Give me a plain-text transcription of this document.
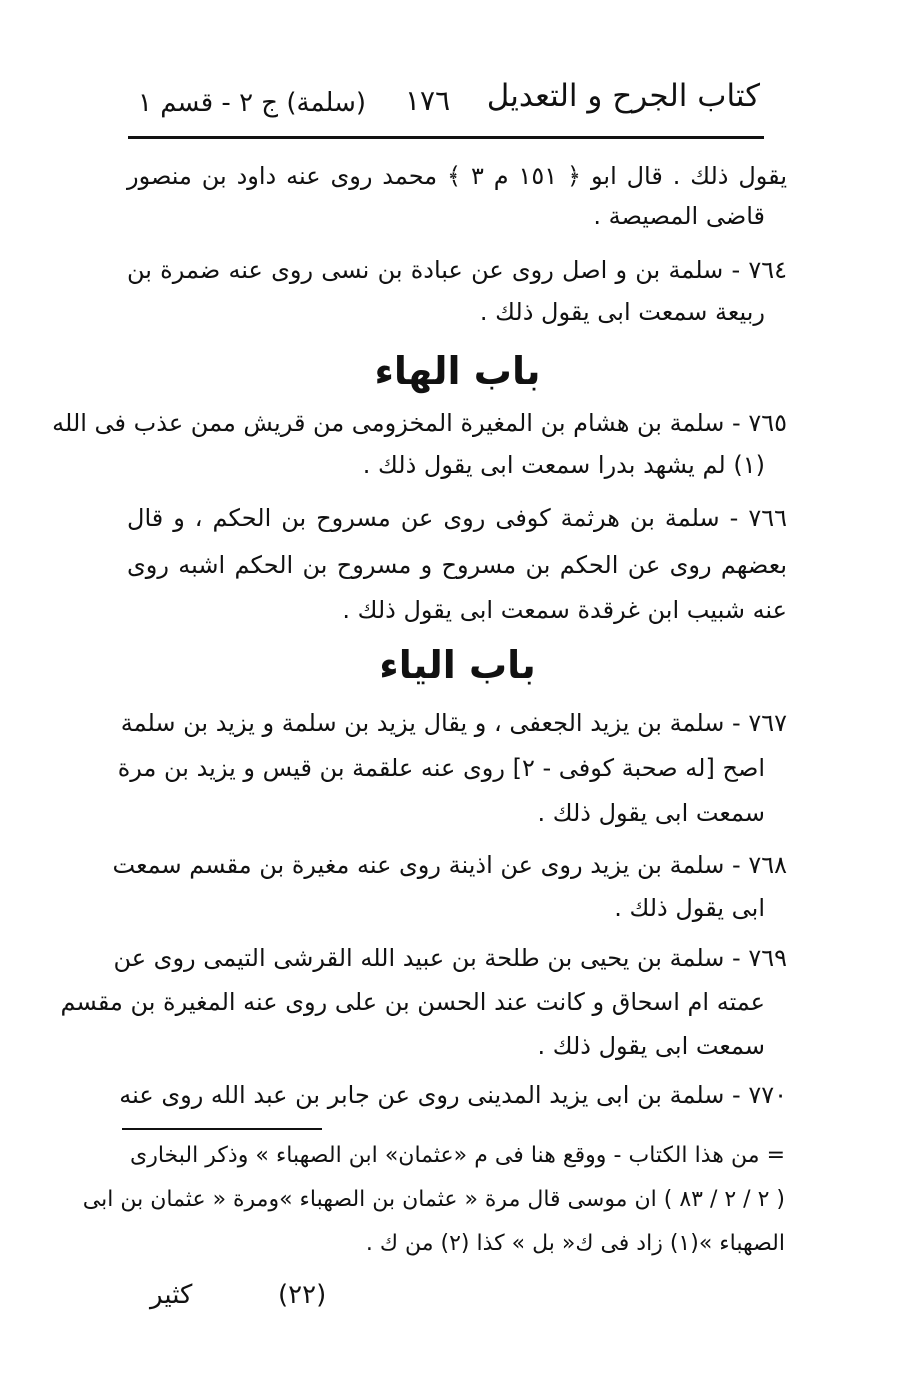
كتاب الجرح و التعديل
١٧٦
(سلمة) ج ٢ - قسم ١
يقول ذلك . قال ابو ﴿ ١٥١ م ٣ ﴾ محمد روى عنه داود بن منصور
قاضى المصيصة .
٧٦٤ - سلمة بن و اصل روى عن عبادة بن نسى روى عنه ضمرة بن
ربيعة سمعت ابى يقول ذلك .
باب الهاء
٧٦٥ - سلمة بن هشام بن المغيرة المخزومى من قريش ممن عذب فى الله
(١) لم يشهد بدرا سمعت ابى يقول ذلك .
٧٦٦ - سلمة بن هرثمة كوفى روى عن مسروح بن الحكم ، و قال
بعضهم روى عن الحكم بن مسروح و مسروح بن الحكم اشبه روى
عنه شبيب ابن غرقدة سمعت ابى يقول ذلك .
باب الياء
٧٦٧ - سلمة بن يزيد الجعفى ، و يقال يزيد بن سلمة و يزيد بن سلمة
اصح [له صحبة كوفى - ٢] روى عنه علقمة بن قيس و يزيد بن مرة
سمعت ابى يقول ذلك .
٧٦٨ - سلمة بن يزيد روى عن اذينة روى عنه مغيرة بن مقسم سمعت
ابى يقول ذلك .
٧٦٩ - سلمة بن يحيى بن طلحة بن عبيد الله القرشى التيمى روى عن
عمته ام اسحاق و كانت عند الحسن بن على روى عنه المغيرة بن مقسم
سمعت ابى يقول ذلك .
٧٧٠ - سلمة بن ابى يزيد المدينى روى عن جابر بن عبد الله روى عنه
= من هذا الكتاب - ووقع هنا فى م «عثمان» ابن الصهباء » وذكر البخارى
( ٢ / ٢ / ٨٣ ) ان موسى قال مرة « عثمان بن الصهباء »ومرة « عثمان بن ابى
الصهباء »(١) زاد فى ك« بل » كذا (٢) من ك .
(٢٢)
كثير
